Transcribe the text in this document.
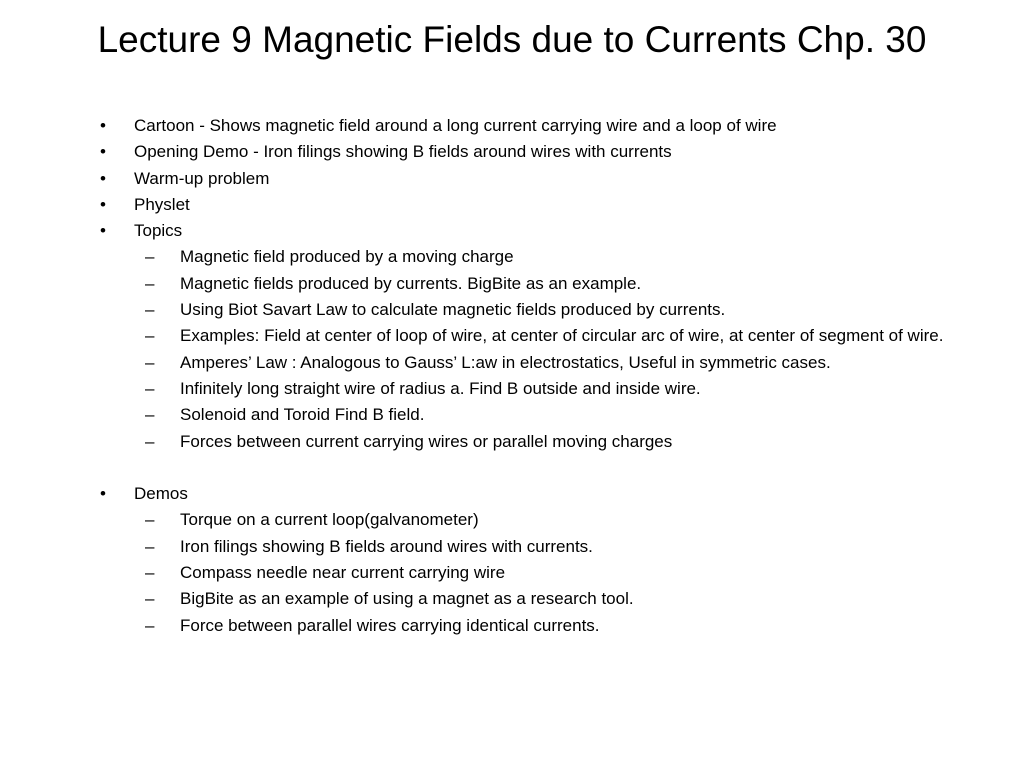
Lecture 9 Magnetic Fields due to Currents Chp. 30
• Cartoon - Shows magnetic field around a long current carrying wire and a loop of wire
• Opening Demo - Iron filings showing B fields around wires with currents
• Warm-up problem
• Physlet
• Topics
– Magnetic field produced by a moving charge
– Magnetic fields produced by currents. BigBite as an example.
– Using Biot Savart Law to calculate magnetic fields produced by currents.
– Examples: Field at center of loop of wire, at center of circular arc of wire, at center of segment of wire.
– Amperes’ Law : Analogous to Gauss’ L:aw in electrostatics, Useful in symmetric cases.
– Infinitely long straight wire of radius a. Find B outside and inside wire.
– Solenoid and Toroid Find B field.
– Forces between current carrying wires or parallel moving charges
• Demos
– Torque on a current loop(galvanometer)
– Iron filings showing B fields around wires with currents.
– Compass needle near current carrying wire
– BigBite as an example of using a magnet as a research tool.
– Force between parallel wires carrying identical currents.
